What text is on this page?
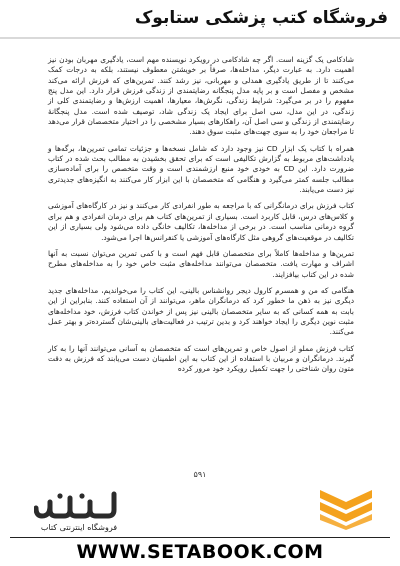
فروشگاه کتب پزشکی ستابوک

شادکامی یک گزینه است. اگر چه شادکامی در رویکرد نویسنده مهم است، یادگیری مهربان بودن نیز اهمیت دارد. به عبارت دیگر، مداخله‌ها، صرفاً بر خویشتن معطوف نیستند، بلکه به درجات کمک می‌کنند تا از طریق یادگیری همدلی و مهربانی، نیز رشد کنند. تمرین‌های که فرزش ارائه می‌کند مشخص و مفصل است و بر پایه مدل پنجگانه رضایتمندی از زندگی فرزش قرار دارد. این مدل پنج مفهوم را در بر می‌گیرد: شرایط زندگی، نگرش‌ها، معیارها، اهمیت ارزش‌ها و رضایتمندی کلی از زندگی، در این مدل، سی اصل برای ایجاد یک زندگی شاد، توصیف شده است. مدل پنجگانهٔ رضایتمندی از زندگی و سی اصل آن، راهکارهای بسیار مشخصی را در اختیار متخصصان قرار می‌دهد تا مراجعان خود را به سوی جهت‌های مثبت سوق دهند.

همراه با کتاب یک ابزار CD نیز وجود دارد که شامل نسخه‌ها و جزئیات تمامی تمرین‌ها، برگه‌ها و یادداشت‌های مربوط به گزارش تکالیفی است که برای تحقق بخشیدن به مطالب بحث شده در کتاب ضرورت دارد. این CD به خودی خود منبع ارزشمندی است و وقت متخصص را برای آماده‌سازی مطالب جلسه کمتر می‌گیرد و هنگامی که متخصصان با این ابزار کار می‌کنند به انگیزه‌های جدیدتری نیز دست می‌یابند.

کتاب فرزش برای درمانگرانی که با مراجعه به طور انفرادی کار می‌کنند و نیز در کارگاه‌های آموزشی و کلاس‌های درس، قابل کاربرد است. بسیاری از تمرین‌های کتاب هم برای درمان انفرادی و هم برای گروه درمانی مناسب است. در برخی از مداخله‌ها، تکالیف خانگی داده می‌شود ولی بسیاری از این تکالیف در موقعیت‌های گروهی مثل کارگاه‌های آموزشی یا کنفرانس‌ها اجرا می‌شود.

تمرین‌ها و مداخله‌ها کاملاً برای متخصصان قابل فهم است و با کمی تمرین می‌توان نسبت به آنها اشراف و مهارت یافت. متخصصان می‌توانند مداخله‌های مثبت خاص خود را به مداخله‌های مطرح شده در این کتاب بیافزایند.

هنگامی که من و همسرم کارول دیجر روانشناس بالینی، این کتاب را می‌خواندیم، مداخله‌های جدید دیگری نیز به ذهن ما خطور کرد که درمانگران ماهر، می‌توانند از آن استفاده کنند. بنابراین از این بابت به همه کسانی که به سایر متخصصان بالینی نیز پس از خواندن کتاب فرزش، خود مداخله‌های مثبت نوین دیگری را ایجاد خواهند کرد و بدین ترتیب در فعالیت‌های بالینی‌شان گسترده‌تر و بهتر عمل می‌کنند.

کتاب فرزش مملو از اصول خاص و تمرین‌های است که متخصصان به آسانی می‌توانند آنها را به کار گیرند. درمانگران و مربیان با استفاده از این کتاب به این اطمینان دست می‌یابند که فرزش به دقت متون روان شناختی را جهت تکمیل رویکرد خود مرور کرده

۵۹۱
فروشگاه اینترنتی کتاب
WWW.SETABOOK.COM
